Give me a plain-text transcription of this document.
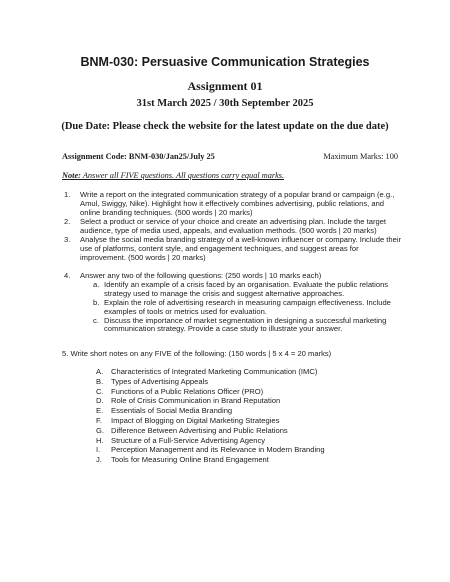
BNM-030: Persuasive Communication Strategies
Assignment 01
31st March 2025 / 30th September 2025
(Due Date: Please check the website for the latest update on the due date)
Assignment Code: BNM-030/Jan25/July 25	Maximum Marks: 100
Note: Answer all FIVE questions. All questions carry equal marks.
1. Write a report on the integrated communication strategy of a popular brand or campaign (e.g., Amul, Swiggy, Nike). Highlight how it effectively combines advertising, public relations, and online branding techniques. (500 words | 20 marks)
2. Select a product or service of your choice and create an advertising plan. Include the target audience, type of media used, appeals, and evaluation methods. (500 words | 20 marks)
3. Analyse the social media branding strategy of a well-known influencer or company. Include their use of platforms, content style, and engagement techniques, and suggest areas for improvement. (500 words | 20 marks)
4. Answer any two of the following questions: (250 words | 10 marks each)
a. Identify an example of a crisis faced by an organisation. Evaluate the public relations strategy used to manage the crisis and suggest alternative approaches.
b. Explain the role of advertising research in measuring campaign effectiveness. Include examples of tools or metrics used for evaluation.
c. Discuss the importance of market segmentation in designing a successful marketing communication strategy. Provide a case study to illustrate your answer.
5. Write short notes on any FIVE of the following: (150 words | 5 x 4 = 20 marks)
A. Characteristics of Integrated Marketing Communication (IMC)
B. Types of Advertising Appeals
C. Functions of a Public Relations Officer (PRO)
D. Role of Crisis Communication in Brand Reputation
E. Essentials of Social Media Branding
F. Impact of Blogging on Digital Marketing Strategies
G. Difference Between Advertising and Public Relations
H. Structure of a Full-Service Advertising Agency
I. Perception Management and its Relevance in Modern Branding
J. Tools for Measuring Online Brand Engagement
